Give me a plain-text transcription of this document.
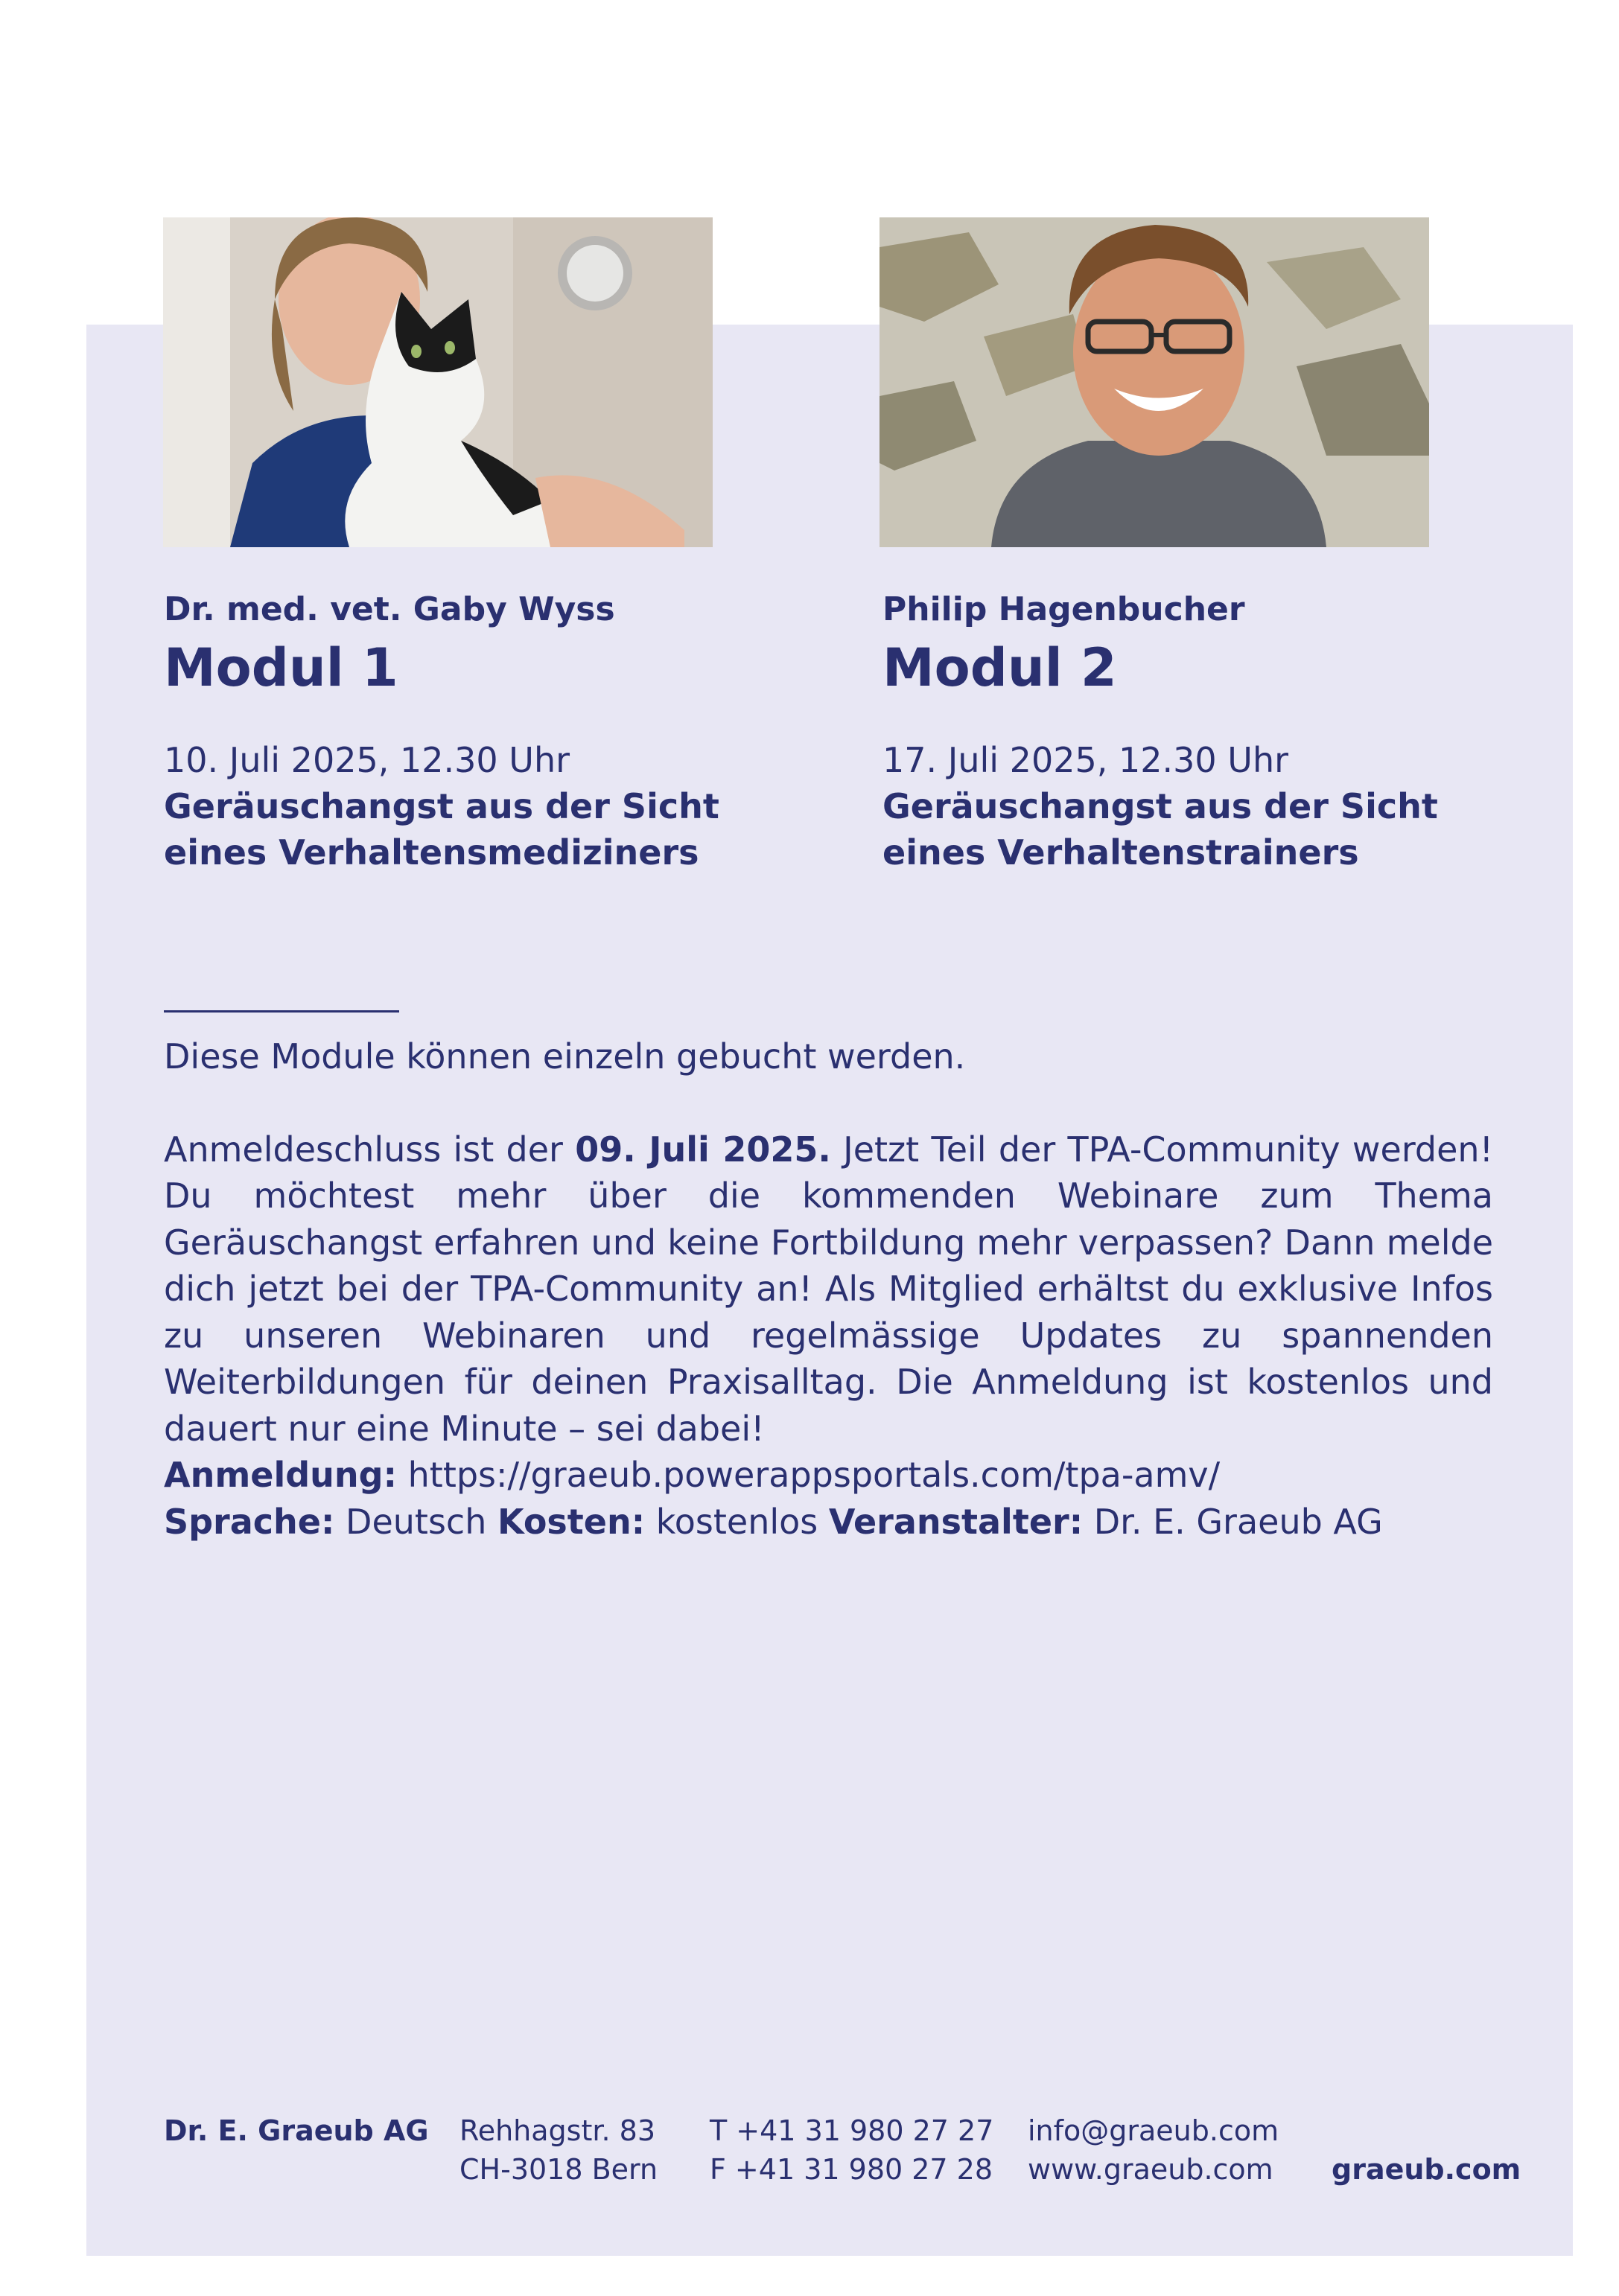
Dr. med. vet. Gaby Wyss

Modul 1

10. Juli 2025, 12.30 Uhr

Geräuschangst aus der Sicht

eines Verhaltensmediziners

Philip Hagenbucher

Modul 2

17. Juli 2025, 12.30 Uhr

Geräuschangst aus der Sicht

eines Verhaltenstrainers

Diese Module können einzeln gebucht werden.

Anmeldeschluss ist der 09. Juli 2025. Jetzt Teil der TPA-Community werden! Du möchtest mehr über die kommenden Webinare zum Thema Geräuschangst erfahren und keine Fortbildung mehr verpassen? Dann melde dich jetzt bei der TPA-Community an! Als Mitglied erhältst du exklusive Infos zu unseren Webinaren und regelmässige Updates zu spannenden Weiterbildungen für deinen Praxisalltag. Die Anmeldung ist kostenlos und dauert nur eine Minute – sei dabei!

Anmeldung: https://graeub.powerappsportals.com/tpa-amv/

Sprache: Deutsch Kosten: kostenlos Veranstalter: Dr. E. Graeub AG

Dr. E. Graeub AG Rehhagstr. 83
CH-3018 Bern
T +41 31 980 27 27
F +41 31 980 27 28
info@graeub.com
www.graeub.com graeub.com
